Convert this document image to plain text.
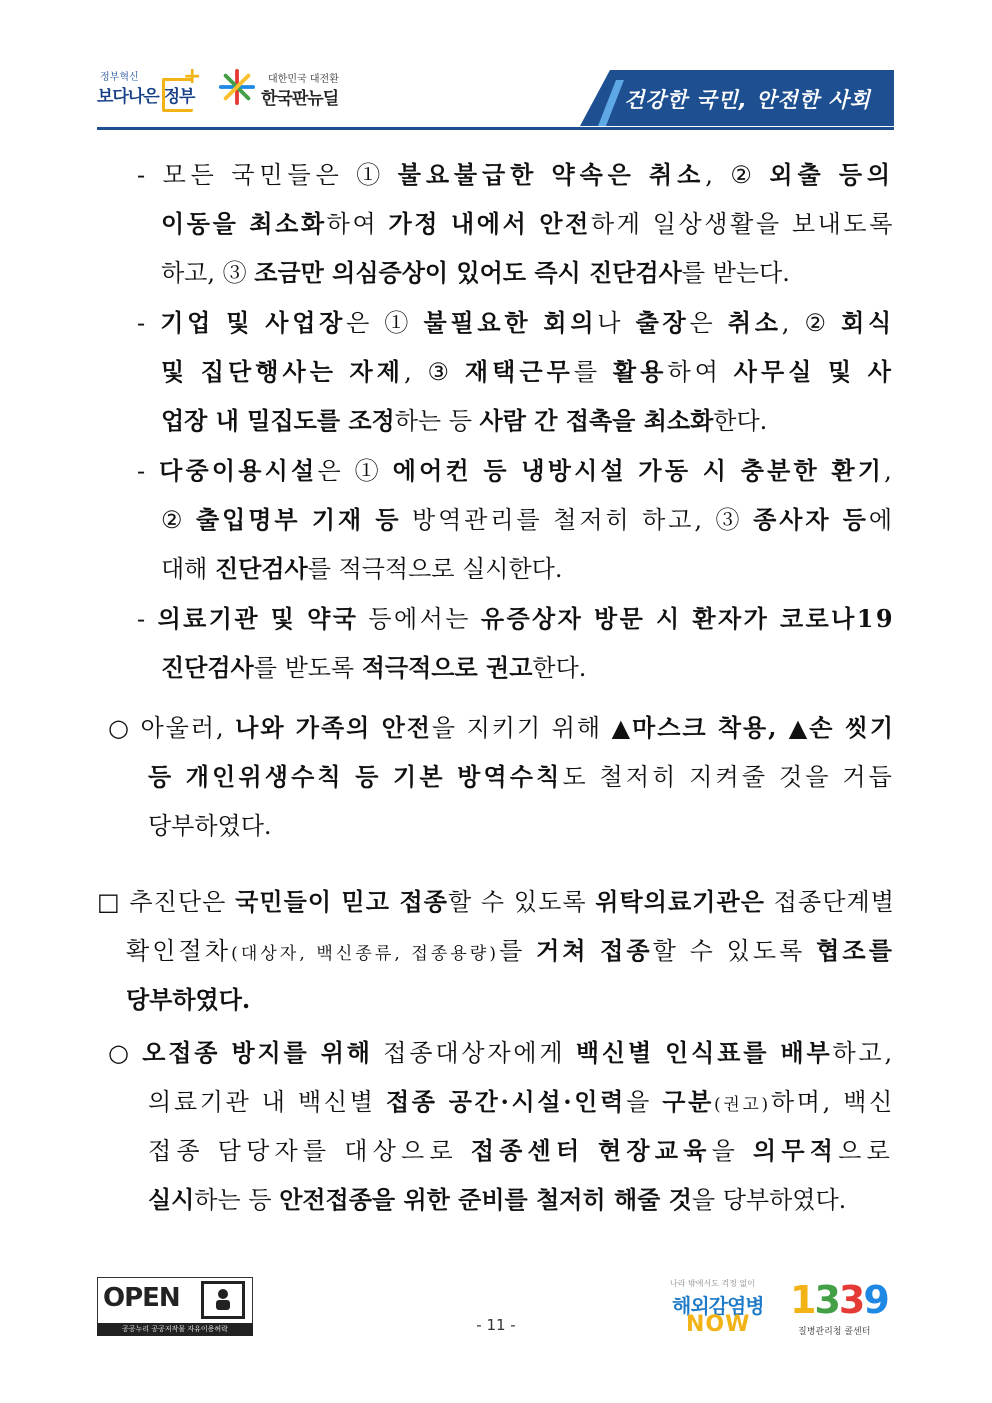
정부혁신
보다나은 정부
+	대한민국 대전환
한국판뉴딜	건강한 국민, 안전한 사회
- 모든 국민들은 ① 불요불급한 약속은 취소, ② 외출 등의
이동을 최소화하여 가정 내에서 안전하게 일상생활을 보내도록
하고, ③ 조금만 의심증상이 있어도 즉시 진단검사를 받는다.
- 기업 및 사업장은 ① 불필요한 회의나 출장은 취소, ② 회식
및 집단행사는 자제, ③ 재택근무를 활용하여 사무실 및 사
업장 내 밀집도를 조정하는 등 사람 간 접촉을 최소화한다.
- 다중이용시설은 ① 에어컨 등 냉방시설 가동 시 충분한 환기,
② 출입명부 기재 등 방역관리를 철저히 하고, ③ 종사자 등에
대해 진단검사를 적극적으로 실시한다.
- 의료기관 및 약국 등에서는 유증상자 방문 시 환자가 코로나19
진단검사를 받도록 적극적으로 권고한다.
○ 아울러, 나와 가족의 안전을 지키기 위해 ▲마스크 착용, ▲손 씻기
등 개인위생수칙 등 기본 방역수칙도 철저히 지켜줄 것을 거듭
당부하였다.
□ 추진단은 국민들이 믿고 접종할 수 있도록 위탁의료기관은 접종단계별
확인절차(대상자, 백신종류, 접종용량)를 거쳐 접종할 수 있도록 협조를
당부하였다.
○ 오접종 방지를 위해 접종대상자에게 백신별 인식표를 배부하고,
의료기관 내 백신별 접종 공간·시설·인력을 구분(권고)하며, 백신
접종 담당자를 대상으로 접종센터 현장교육을 의무적으로
실시하는 등 안전접종을 위한 준비를 철저히 해줄 것을 당부하였다.
OPEN
공공누리 공공저작물 자유이용허락	- 11 -
나라 밖에서도 걱정 없이
해외감염병
NOW
1339
질병관리청 콜센터
